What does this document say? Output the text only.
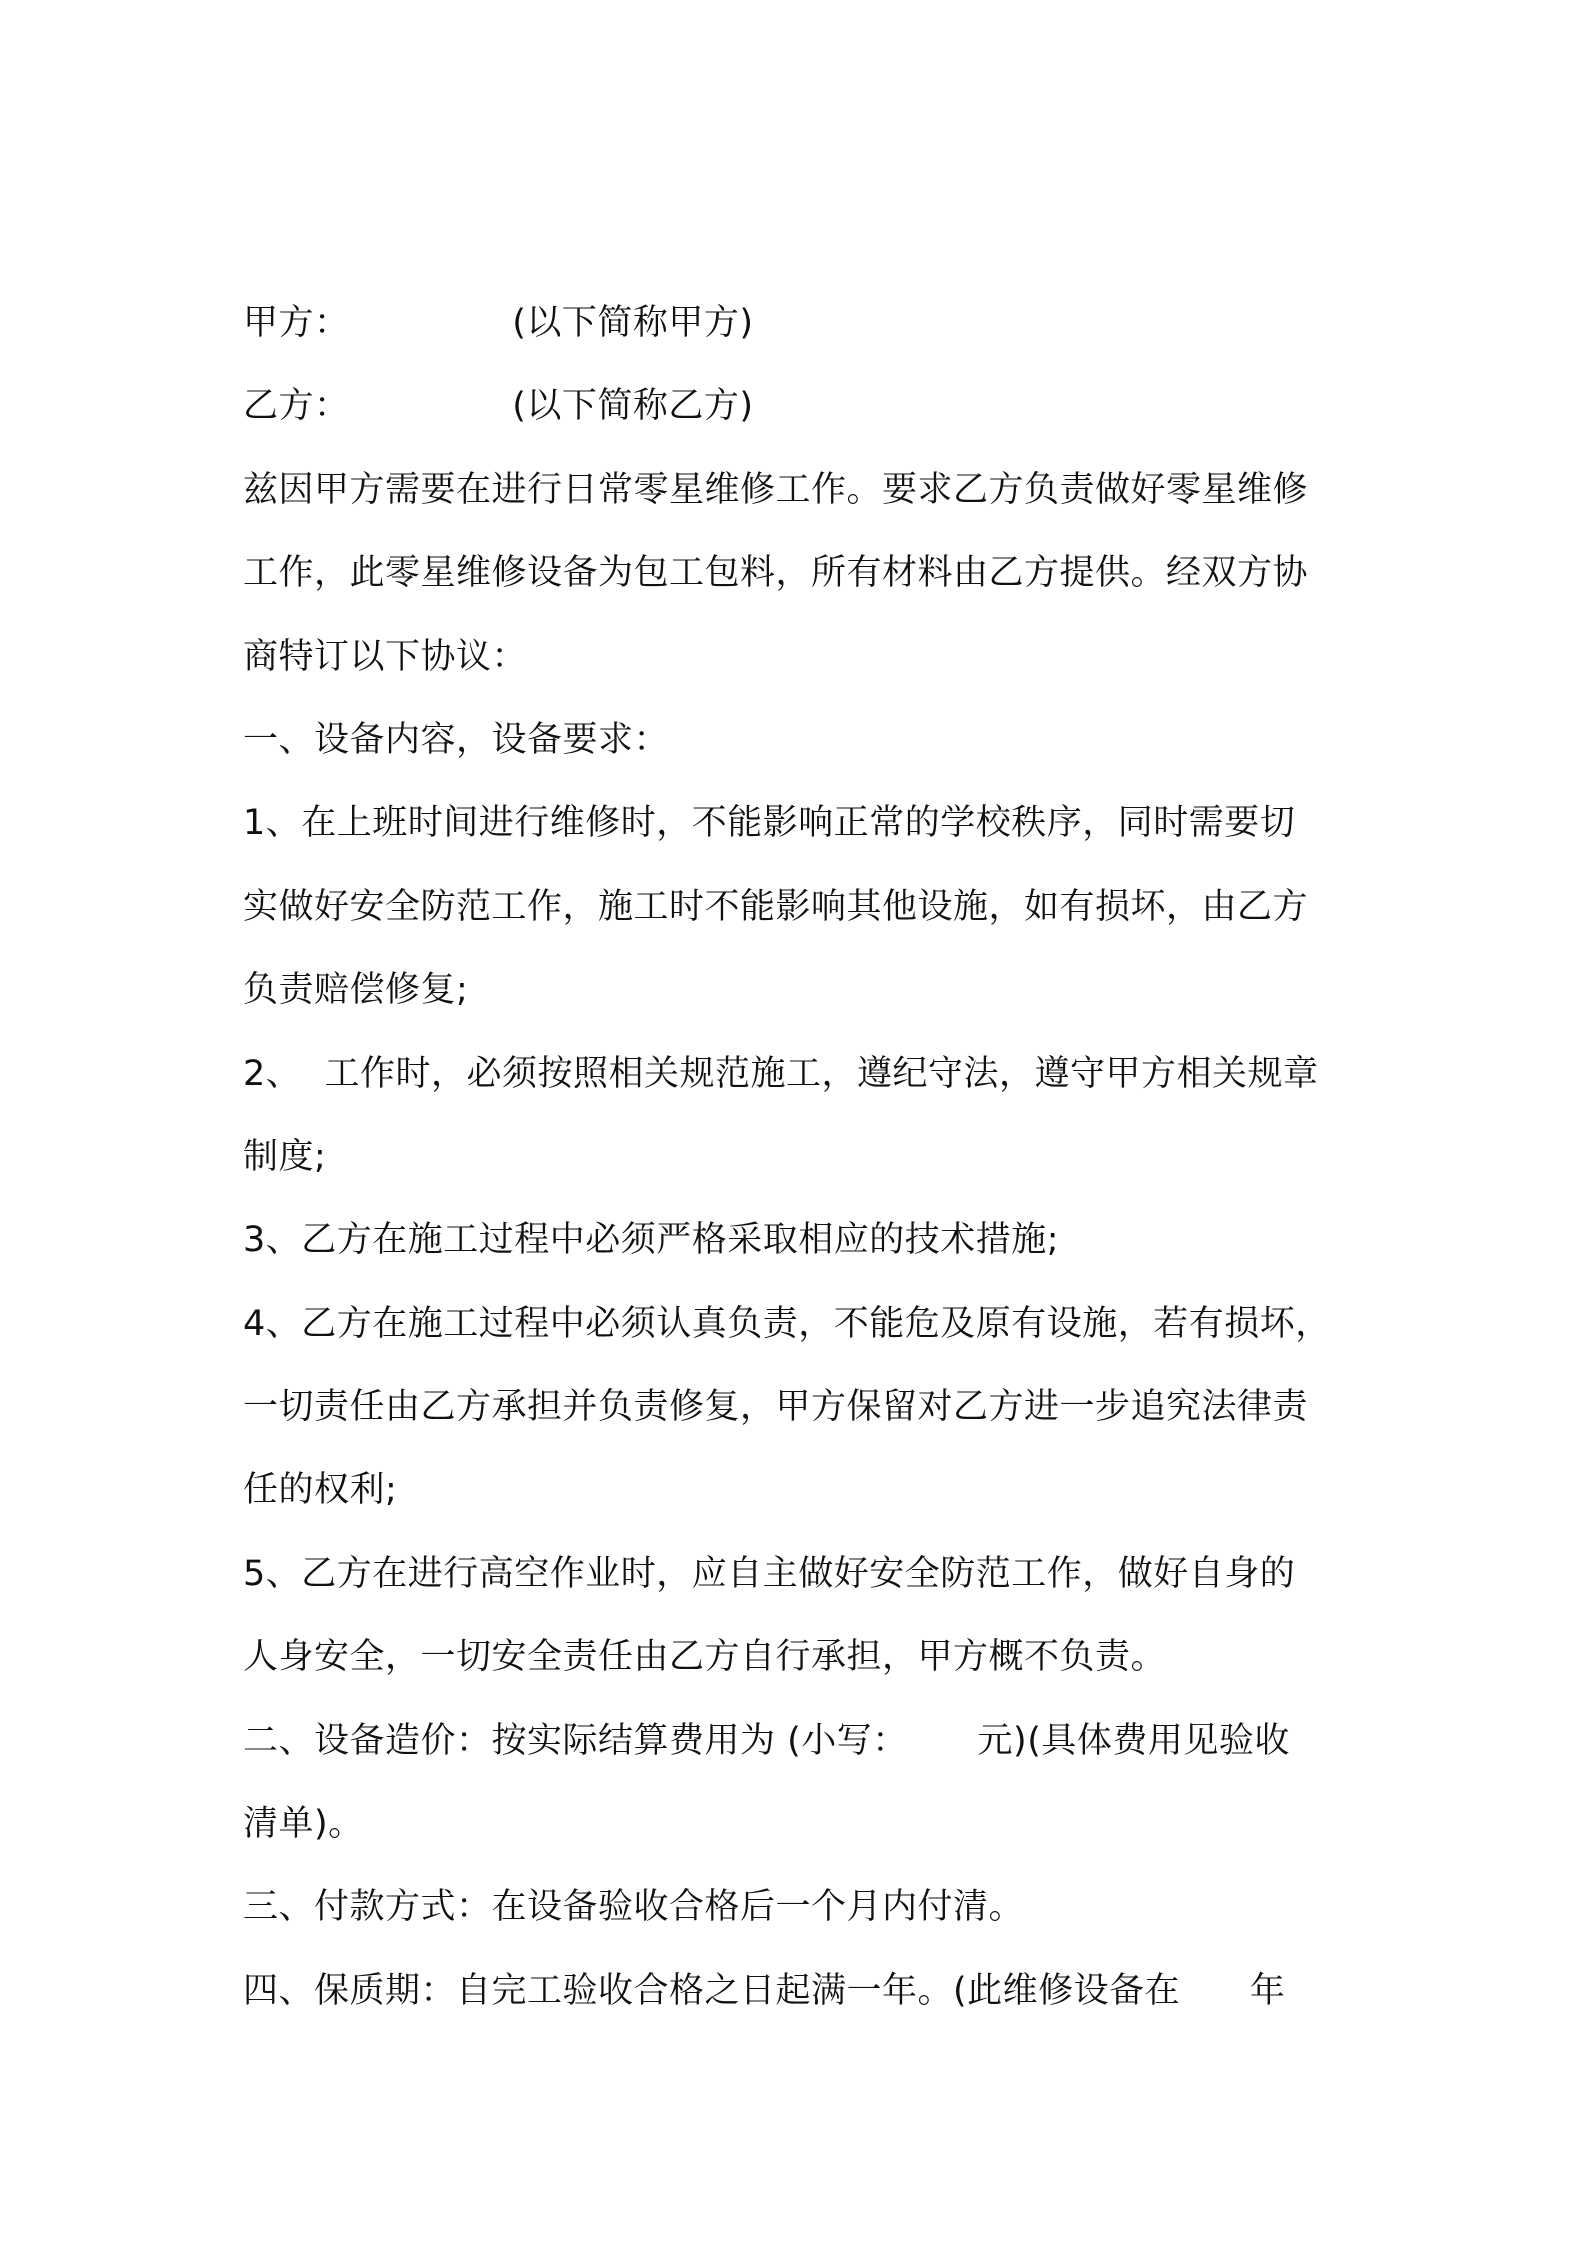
甲方：              (以下简称甲方)
乙方：              (以下简称乙方)
兹因甲方需要在进行日常零星维修工作。要求乙方负责做好零星维修
工作，此零星维修设备为包工包料，所有材料由乙方提供。经双方协
商特订以下协议：
一、设备内容，设备要求：
1、在上班时间进行维修时，不能影响正常的学校秩序，同时需要切
实做好安全防范工作，施工时不能影响其他设施，如有损坏，由乙方
负责赔偿修复;
2、  工作时，必须按照相关规范施工，遵纪守法，遵守甲方相关规章
制度;
3、乙方在施工过程中必须严格采取相应的技术措施;
4、乙方在施工过程中必须认真负责，不能危及原有设施，若有损坏，
一切责任由乙方承担并负责修复，甲方保留对乙方进一步追究法律责
任的权利;
5、乙方在进行高空作业时，应自主做好安全防范工作，做好自身的
人身安全，一切安全责任由乙方自行承担，甲方概不负责。
二、设备造价：按实际结算费用为 (小写：      元)(具体费用见验收
清单)。
三、付款方式：在设备验收合格后一个月内付清。
四、保质期：自完工验收合格之日起满一年。(此维修设备在      年
